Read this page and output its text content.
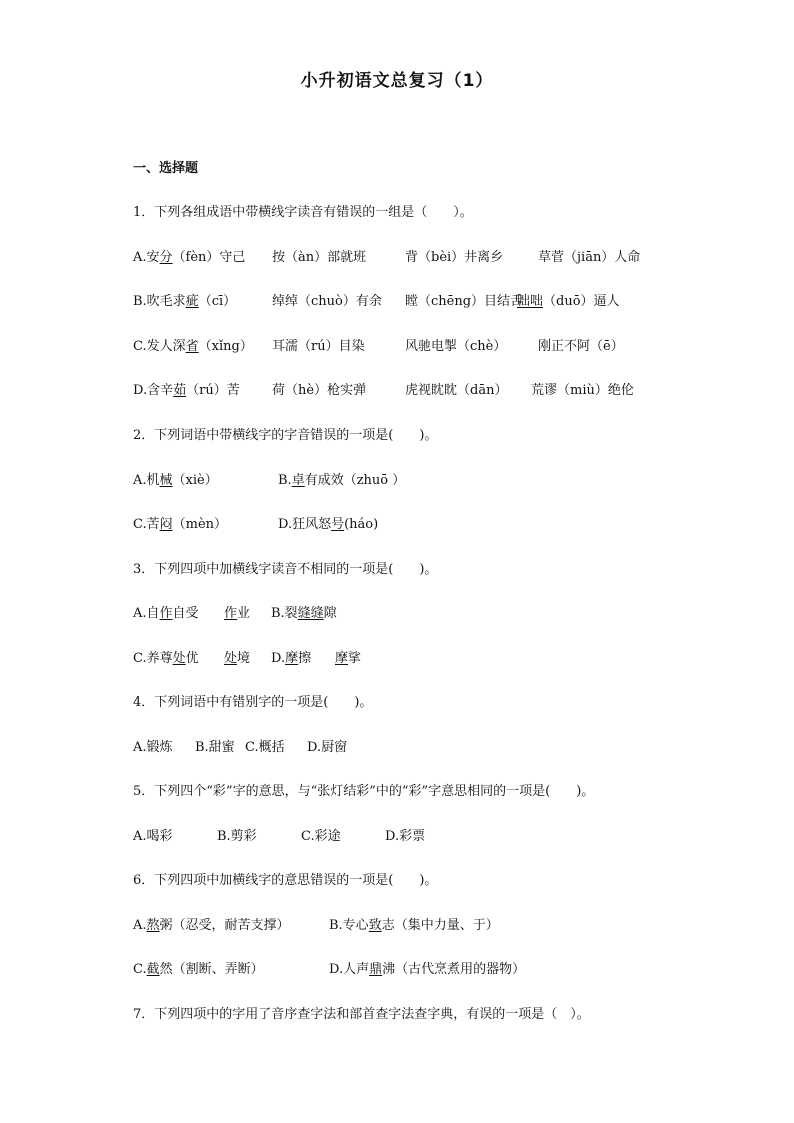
小升初语文总复习（1）
一、选择题
1．下列各组成语中带横线字读音有错误的一组是（　　）。
A.安分（fèn）守己 按（àn）部就班	背（bèi）井离乡	草菅（jiān）人命
B.吹毛求疵（cī）	绰绰（chuò）有余 瞠（chēng）目结舌咄咄（duō）逼人
C.发人深省（xǐng） 耳濡（rú）目染	风驰电掣（chè） 刚正不阿（ē）
D.含辛茹（rú）苦 荷（hè）枪实弹	虎视眈眈（dān） 荒谬（miù）绝伦
2．下列词语中带横线字的字音错误的一项是(　　)。
A.机械（xiè）	B.卓有成效（zhuō ）
C.苦闷（mèn）	D.狂风怒号(háo)
3．下列四项中加横线字读音不相同的一项是(　　)。
A.自作自受 作业 B.裂缝缝隙
C.养尊处优 处境 D.摩擦 摩挲
4．下列词语中有错别字的一项是(　　)。
A.锻炼 B.甜蜜 C.概括 D.厨窗
5．下列四个“彩”字的意思，与“张灯结彩”中的“彩”字意思相同的一项是(　　)。
A.喝彩	B.剪彩	C.彩途	D.彩票
6．下列四项中加横线字的意思错误的一项是(　　)。
A.熬粥（忍受，耐苦支撑）	B.专心致志（集中力量、于）
C.截然（割断、弄断）	D.人声鼎沸（古代烹煮用的器物）
7．下列四项中的字用了音序查字法和部首查字法查字典，有误的一项是（　）。
